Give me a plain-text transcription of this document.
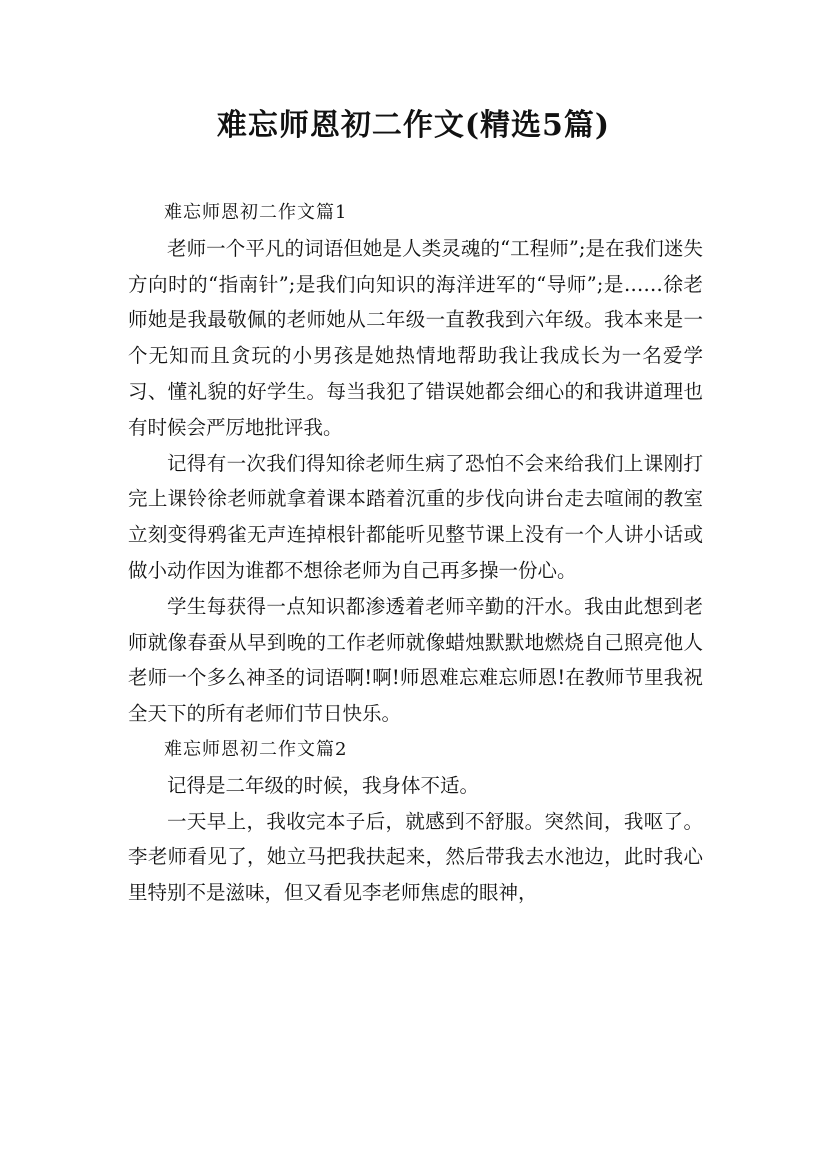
难忘师恩初二作文(精选5篇)

难忘师恩初二作文篇1

老师一个平凡的词语但她是人类灵魂的“工程师”;是在我们迷失方向时的“指南针”;是我们向知识的海洋进军的“导师”;是……徐老师她是我最敬佩的老师她从二年级一直教我到六年级。我本来是一个无知而且贪玩的小男孩是她热情地帮助我让我成长为一名爱学习、懂礼貌的好学生。每当我犯了错误她都会细心的和我讲道理也有时候会严厉地批评我。

记得有一次我们得知徐老师生病了恐怕不会来给我们上课刚打完上课铃徐老师就拿着课本踏着沉重的步伐向讲台走去喧闹的教室立刻变得鸦雀无声连掉根针都能听见整节课上没有一个人讲小话或做小动作因为谁都不想徐老师为自己再多操一份心。

学生每获得一点知识都渗透着老师辛勤的汗水。我由此想到老师就像春蚕从早到晚的工作老师就像蜡烛默默地燃烧自己照亮他人老师一个多么神圣的词语啊!啊!师恩难忘难忘师恩!在教师节里我祝全天下的所有老师们节日快乐。

难忘师恩初二作文篇2

记得是二年级的时候，我身体不适。

一天早上，我收完本子后，就感到不舒服。突然间，我呕了。李老师看见了，她立马把我扶起来，然后带我去水池边，此时我心里特别不是滋味，但又看见李老师焦虑的眼神，
